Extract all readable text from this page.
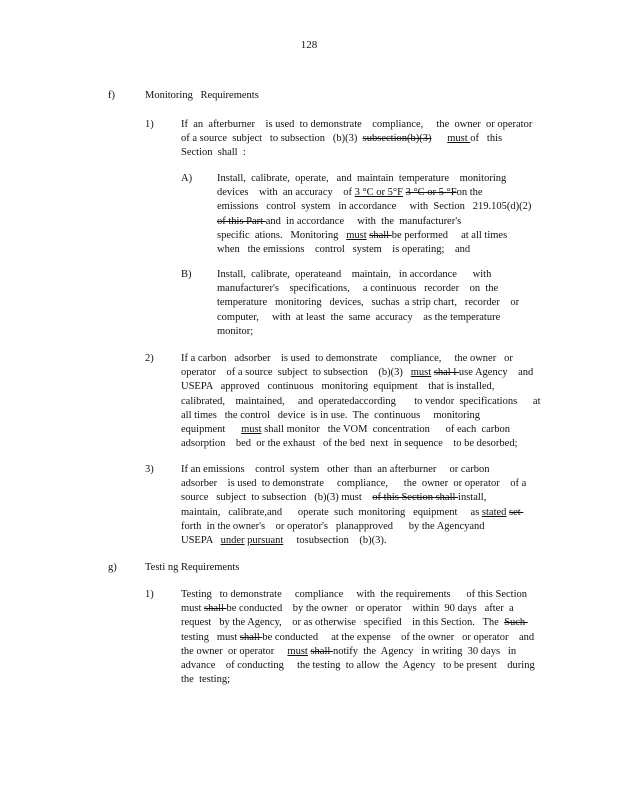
128
f)	Monitoring Requirements
1)	If  an  afterburner    is used  to demonstrate    compliance,     the  owner  or operator
of a source  subject   to subsection   (b)(3)  subsection(b)(3) must of   this
Section  shall  :
A) Install,  calibrate,  operate,   and  maintain  temperature    monitoring
devices    with  an accuracy    of 3 °C or 5°F 3 °C or 5 °Fon the
emissions   control  system   in accordance     with  Section   219.105(d)(2)
of this Part and  in accordance     with  the  manufacturer's
specific  ations.   Monitoring   must shall be performed     at all times
when   the emissions    control   system    is operating;    and
B) Install,  calibrate,  operateand    maintain,   in accordance      with
manufacturer's    specifications,     a continuous   recorder    on  the
temperature   monitoring   devices,   suchas  a strip chart,   recorder    or
computer,     with  at least  the  same  accuracy    as the temperature
monitor;
2)	If a carbon   adsorber    is used  to demonstrate     compliance,     the owner   or
operator    of a source  subject  to subsection    (b)(3)   must shal l use Agency    and
USEPA   approved   continuous   monitoring  equipment    that is installed,
calibrated,    maintained,     and  operatedaccording       to vendor  specifications      at
all times   the control   device  is in use.  The  continuous     monitoring
equipment      must shall monitor   the VOM  concentration      of each  carbon
adsorption    bed  or the exhaust   of the bed  next  in sequence    to be desorbed;
3)	If an emissions    control  system   other  than  an afterburner     or carbon
adsorber    is used  to demonstrate     compliance,      the  owner  or operator    of a
source   subject  to subsection   (b)(3) must    of this Section shall install,
maintain,   calibrate,and      operate  such  monitoring   equipment     as stated set
forth  in the owner's    or operator's   planapproved      by the Agencyand
USEPA   under pursuant     tosubsection    (b)(3).
g)	Testi ng Requirements
1)	Testing   to demonstrate     compliance     with  the requirements      of this Section
must shall be conducted    by the owner   or operator    within  90 days   after  a
request   by the Agency,    or as otherwise   specified    in this Section.   The  Such
testing   must shall be conducted     at the expense    of the owner   or operator    and
the owner  or operator     must shall notify  the  Agency   in writing  30 days   in
advance    of conducting     the testing  to allow  the  Agency   to be present    during
the  testing;
